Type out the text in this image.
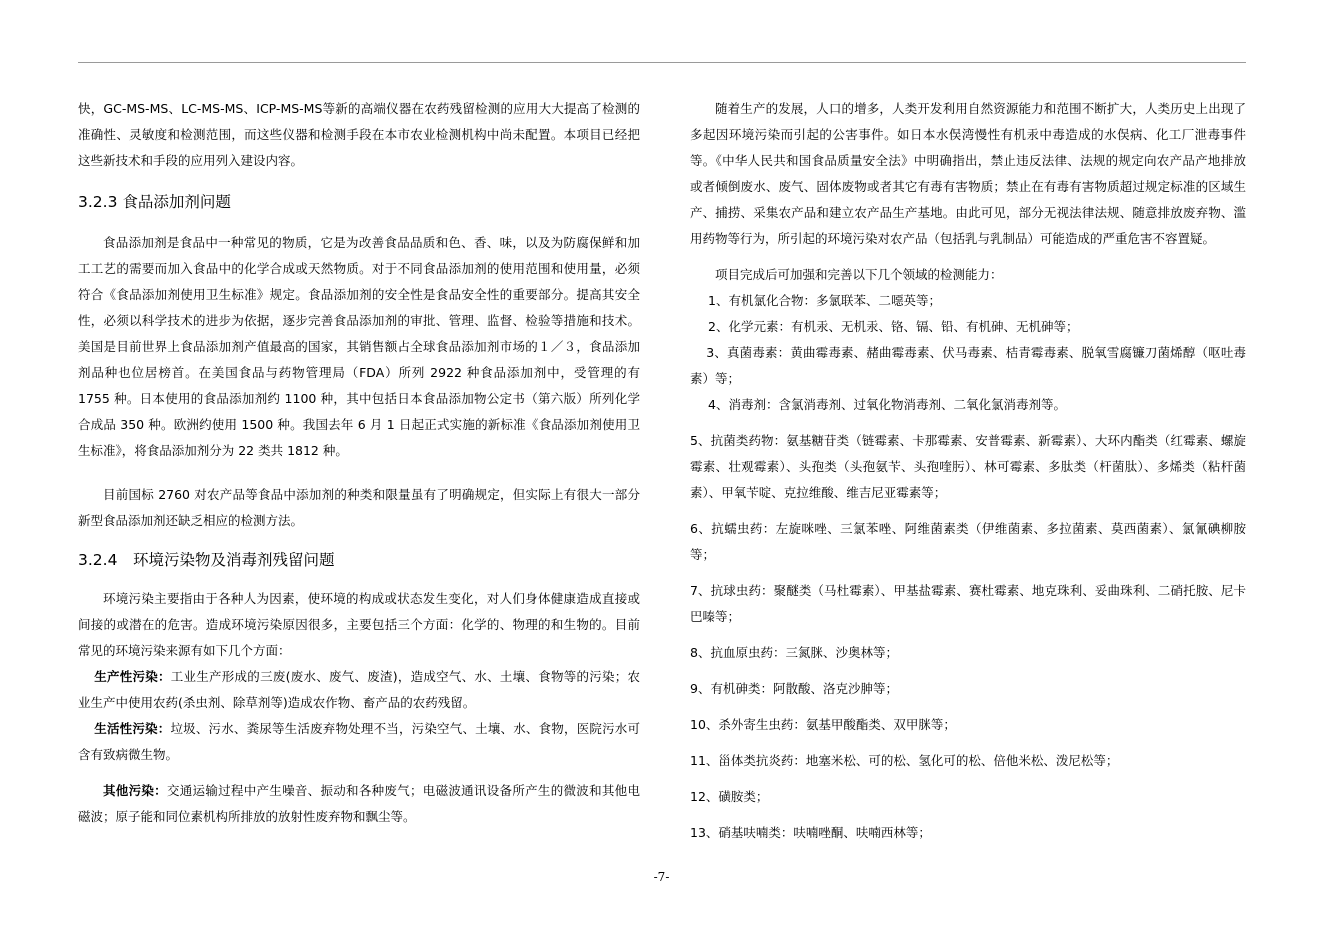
快，GC-MS-MS、LC-MS-MS、ICP-MS-MS等新的高端仪器在农药残留检测的应用大大提高了检测的准确性、灵敏度和检测范围，而这些仪器和检测手段在本市农业检测机构中尚未配置。本项目已经把这些新技术和手段的应用列入建设内容。

3.2.3 食品添加剂问题

食品添加剂是食品中一种常见的物质，它是为改善食品品质和色、香、味，以及为防腐保鲜和加工工艺的需要而加入食品中的化学合成或天然物质。对于不同食品添加剂的使用范围和使用量，必须符合《食品添加剂使用卫生标准》规定。食品添加剂的安全性是食品安全性的重要部分。提高其安全性，必须以科学技术的进步为依据，逐步完善食品添加剂的审批、管理、监督、检验等措施和技术。美国是目前世界上食品添加剂产值最高的国家，其销售额占全球食品添加剂市场的１／３，食品添加剂品种也位居榜首。在美国食品与药物管理局（FDA）所列 2922 种食品添加剂中，受管理的有 1755 种。日本使用的食品添加剂约 1100 种，其中包括日本食品添加物公定书（第六版）所列化学合成品 350 种。欧洲约使用 1500 种。我国去年 6 月 1 日起正式实施的新标准《食品添加剂使用卫生标准》，将食品添加剂分为 22 类共 1812 种。

目前国标 2760 对农产品等食品中添加剂的种类和限量虽有了明确规定，但实际上有很大一部分新型食品添加剂还缺乏相应的检测方法。

3.2.4　环境污染物及消毒剂残留问题

环境污染主要指由于各种人为因素，使环境的构成或状态发生变化，对人们身体健康造成直接或间接的或潜在的危害。造成环境污染原因很多，主要包括三个方面：化学的、物理的和生物的。目前常见的环境污染来源有如下几个方面：

生产性污染：工业生产形成的三废(废水、废气、废渣)，造成空气、水、土壤、食物等的污染；农业生产中使用农药(杀虫剂、除草剂等)造成农作物、畜产品的农药残留。

生活性污染：垃圾、污水、粪尿等生活废弃物处理不当，污染空气、土壤、水、食物，医院污水可含有致病微生物。

其他污染：交通运输过程中产生噪音、振动和各种废气；电磁波通讯设备所产生的微波和其他电磁波；原子能和同位素机构所排放的放射性废弃物和飘尘等。

随着生产的发展，人口的增多，人类开发利用自然资源能力和范围不断扩大，人类历史上出现了多起因环境污染而引起的公害事件。如日本水俣湾慢性有机汞中毒造成的水俣病、化工厂泄毒事件等。《中华人民共和国食品质量安全法》中明确指出，禁止违反法律、法规的规定向农产品产地排放或者倾倒废水、废气、固体废物或者其它有毒有害物质；禁止在有毒有害物质超过规定标准的区域生产、捕捞、采集农产品和建立农产品生产基地。由此可见，部分无视法律法规、随意排放废弃物、滥用药物等行为，所引起的环境污染对农产品（包括乳与乳制品）可能造成的严重危害不容置疑。

项目完成后可加强和完善以下几个领域的检测能力：

1、有机氯化合物：多氯联苯、二噁英等；

2、化学元素：有机汞、无机汞、铬、镉、铅、有机砷、无机砷等；

3、真菌毒素：黄曲霉毒素、赭曲霉毒素、伏马毒素、桔青霉毒素、脱氧雪腐镰刀菌烯醇（呕吐毒素）等；

4、消毒剂：含氯消毒剂、过氧化物消毒剂、二氧化氯消毒剂等。

5、抗菌类药物：氨基糖苷类（链霉素、卡那霉素、安普霉素、新霉素）、大环内酯类（红霉素、螺旋霉素、壮观霉素）、头孢类（头孢氨苄、头孢喹肟）、林可霉素、多肽类（杆菌肽）、多烯类（粘杆菌素）、甲氧苄啶、克拉维酸、维吉尼亚霉素等；

6、抗蠕虫药：左旋咪唑、三氯苯唑、阿维菌素类（伊维菌素、多拉菌素、莫西菌素）、氯氰碘柳胺等；

7、抗球虫药：聚醚类（马杜霉素）、甲基盐霉素、赛杜霉素、地克珠利、妥曲珠利、二硝托胺、尼卡巴嗪等；

8、抗血原虫药：三氮脒、沙奥林等；

9、有机砷类：阿散酸、洛克沙胂等；

10、杀外寄生虫药：氨基甲酸酯类、双甲脒等；

11、甾体类抗炎药：地塞米松、可的松、氢化可的松、倍他米松、泼尼松等；

12、磺胺类；

13、硝基呋喃类：呋喃唑酮、呋喃西林等；

-7-
